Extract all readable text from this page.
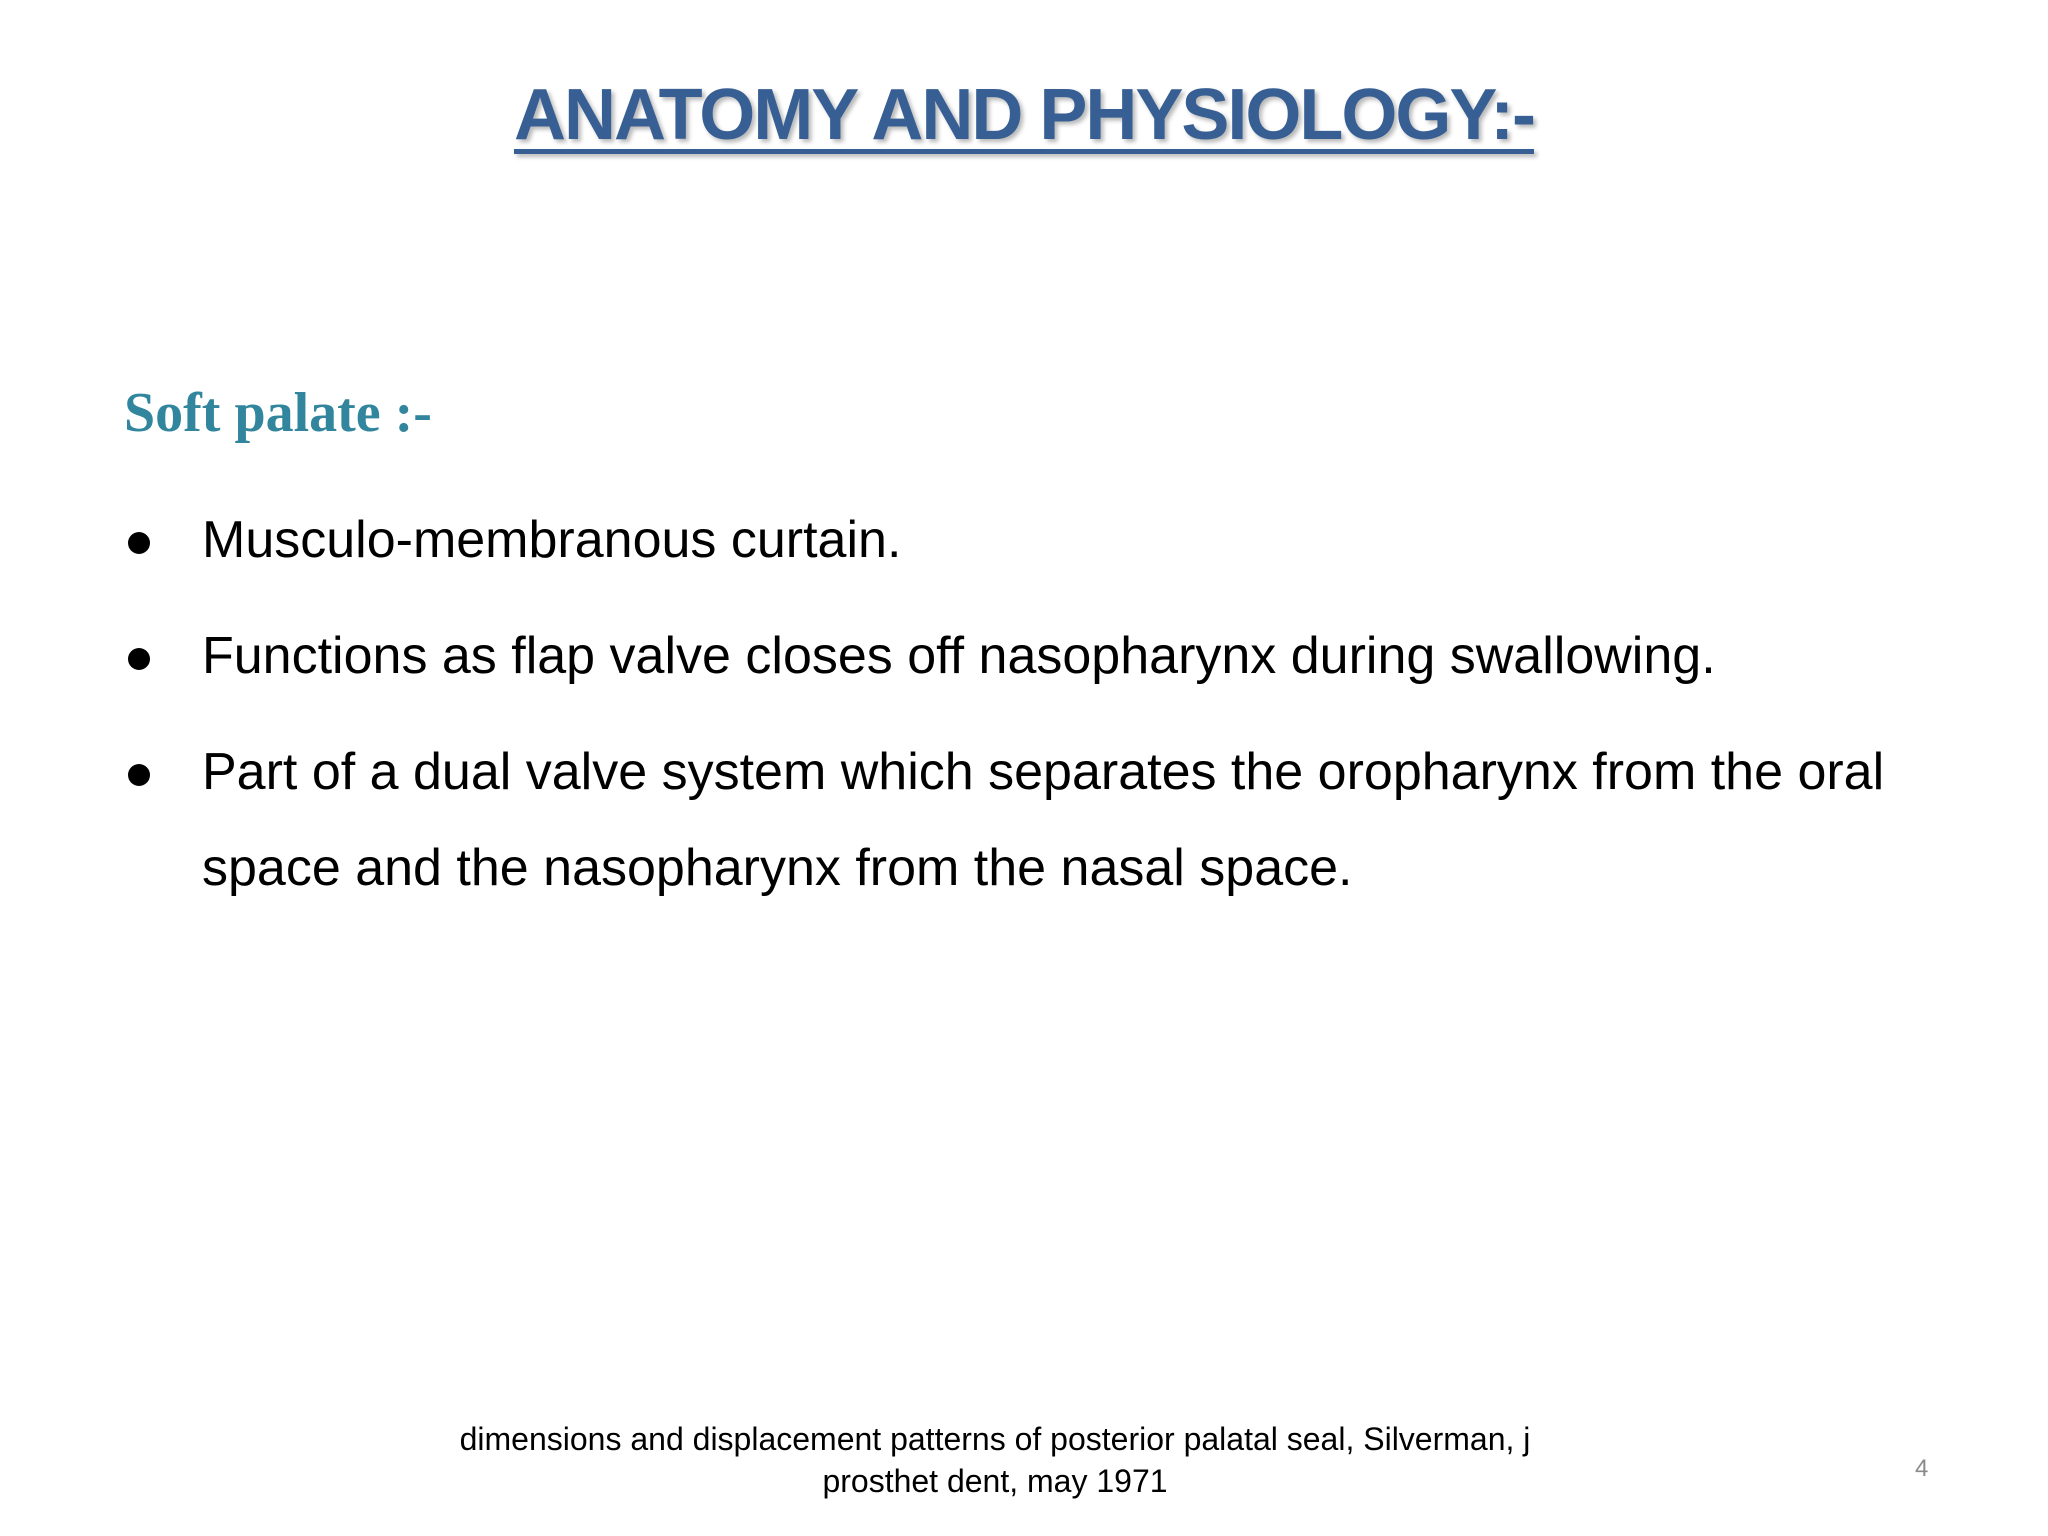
ANATOMY AND PHYSIOLOGY:-
Soft palate :-
Musculo-membranous curtain.
Functions as flap valve closes off nasopharynx during swallowing.
Part of a dual valve system which separates the oropharynx from the oral space and the nasopharynx from the nasal space.
dimensions and displacement patterns of posterior palatal seal, Silverman, j
prosthet dent, may 1971	4
